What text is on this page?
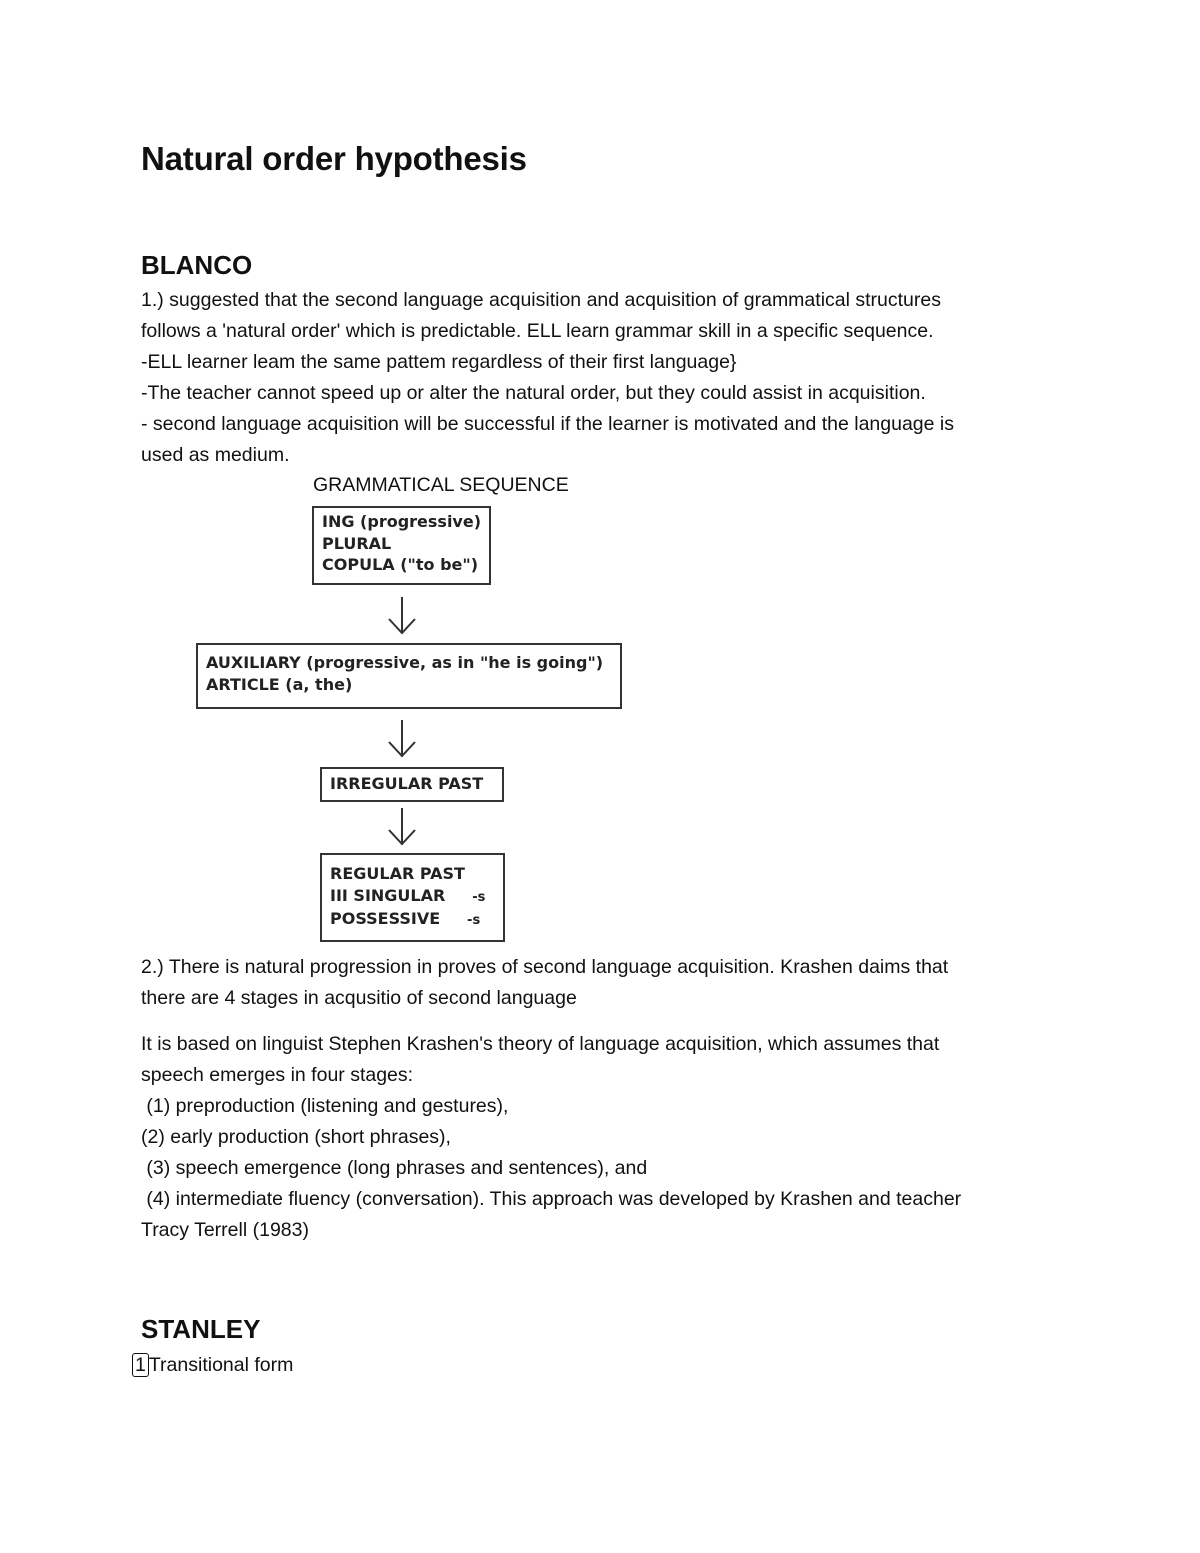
Natural order hypothesis
BLANCO
1.) suggested that the second language acquisition and acquisition of grammatical structures
follows a 'natural order' which is predictable. ELL learn grammar skill in a specific sequence.
-ELL learner leam the same pattem regardless of their first language}
-The teacher cannot speed up or alter the natural order, but they could assist in acquisition.
- second language acquisition will be successful if the learner is motivated and the language is
used as medium.
GRAMMATICAL SEQUENCE
ING (progressive)
PLURAL
COPULA ("to be")
AUXILIARY (progressive, as in "he is going")
ARTICLE (a, the)
IRREGULAR PAST
REGULAR PAST
III SINGULAR -s
POSSESSIVE -s
2.) There is natural progression in proves of second language acquisition. Krashen daims that
there are 4 stages in acqusitio of second language
It is based on linguist Stephen Krashen's theory of language acquisition, which assumes that
speech emerges in four stages:
(1) preproduction (listening and gestures),
(2) early production (short phrases),
(3) speech emergence (long phrases and sentences), and
(4) intermediate fluency (conversation). This approach was developed by Krashen and teacher
Tracy Terrell (1983)
STANLEY
1 Transitional form
